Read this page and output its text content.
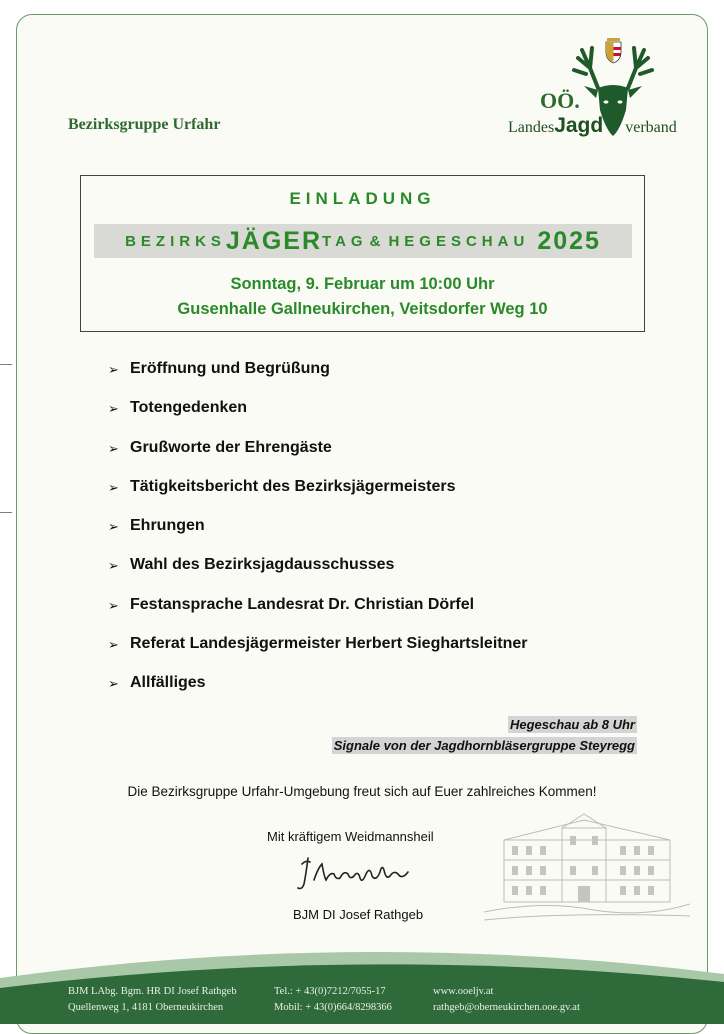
Bezirksgruppe Urfahr
OÖ.
LandesJagd verband
EINLADUNG
BEZIRKS JÄGER TAG & HEGESCHAU 2025
Sonntag, 9. Februar um 10:00 Uhr
Gusenhalle Gallneukirchen, Veitsdorfer Weg 10
➢ Eröffnung und Begrüßung
➢ Totengedenken
➢ Grußworte der Ehrengäste
➢ Tätigkeitsbericht des Bezirksjägermeisters
➢ Ehrungen
➢ Wahl des Bezirksjagdausschusses
➢ Festansprache Landesrat Dr. Christian Dörfel
➢ Referat Landesjägermeister Herbert Sieghartsleitner
➢ Allfälliges
Hegeschau ab 8 Uhr
Signale von der Jagdhornbläsergruppe Steyregg
Die Bezirksgruppe Urfahr-Umgebung freut sich auf Euer zahlreiches Kommen!
Mit kräftigem Weidmannsheil
BJM DI Josef Rathgeb
BJM LAbg. Bgm. HR DI Josef Rathgeb
Quellenweg 1, 4181 Oberneukirchen
Tel.: + 43(0)7212/7055-17
Mobil: + 43(0)664/8298366
www.ooeljv.at
rathgeb@oberneukirchen.ooe.gv.at
